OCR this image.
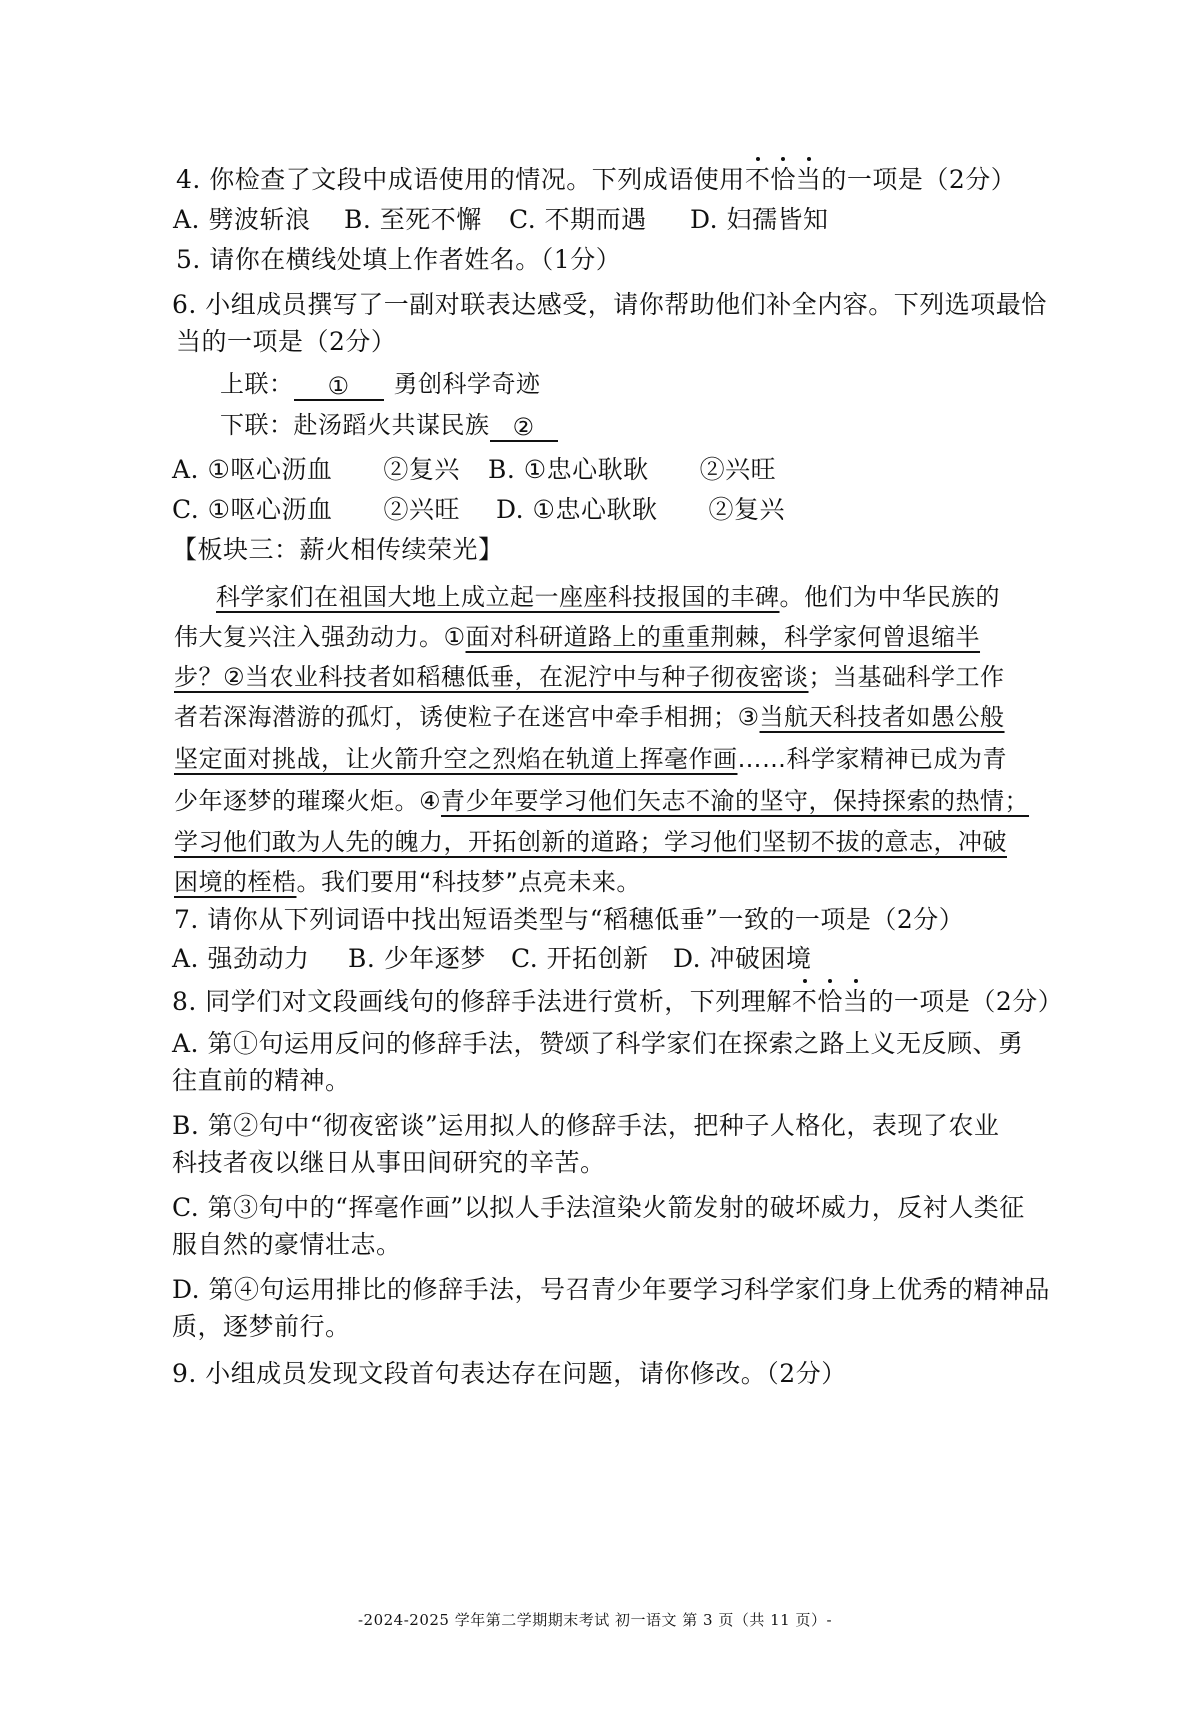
4. 你检查了文段中成语使用的情况。下列成语使用不恰当的一项是（2分）
A. 劈波斩浪 B. 至死不懈 C. 不期而遇 D. 妇孺皆知
5. 请你在横线处填上作者姓名。（1分）
6. 小组成员撰写了一副对联表达感受，请你帮助他们补全内容。下列选项最恰
当的一项是（2分）
上联： ① 勇创科学奇迹
下联：赴汤蹈火共谋民族 ②
A. ①呕心沥血　　②复兴 B. ①忠心耿耿　　②兴旺
C. ①呕心沥血　　②兴旺 D. ①忠心耿耿　　②复兴
【板块三：薪火相传续荣光】
科学家们在祖国大地上成立起一座座科技报国的丰碑。他们为中华民族的
伟大复兴注入强劲动力。①面对科研道路上的重重荆棘，科学家何曾退缩半
步？②当农业科技者如稻穗低垂，在泥泞中与种子彻夜密谈；当基础科学工作
者若深海潜游的孤灯，诱使粒子在迷宫中牵手相拥；③当航天科技者如愚公般
坚定面对挑战，让火箭升空之烈焰在轨道上挥毫作画……科学家精神已成为青
少年逐梦的璀璨火炬。④青少年要学习他们矢志不渝的坚守，保持探索的热情；
学习他们敢为人先的魄力，开拓创新的道路；学习他们坚韧不拔的意志，冲破
困境的桎梏。我们要用“科技梦”点亮未来。
7. 请你从下列词语中找出短语类型与“稻穗低垂”一致的一项是（2分）
A. 强劲动力 B. 少年逐梦 C. 开拓创新 D. 冲破困境
8. 同学们对文段画线句的修辞手法进行赏析，下列理解不恰当的一项是（2分）
A. 第①句运用反问的修辞手法，赞颂了科学家们在探索之路上义无反顾、勇
往直前的精神。
B. 第②句中“彻夜密谈”运用拟人的修辞手法，把种子人格化，表现了农业
科技者夜以继日从事田间研究的辛苦。
C. 第③句中的“挥毫作画”以拟人手法渲染火箭发射的破坏威力，反衬人类征
服自然的豪情壮志。
D. 第④句运用排比的修辞手法，号召青少年要学习科学家们身上优秀的精神品
质，逐梦前行。
9. 小组成员发现文段首句表达存在问题，请你修改。（2分）
-2024-2025 学年第二学期期末考试 初一语文 第 3 页（共 11 页）-
